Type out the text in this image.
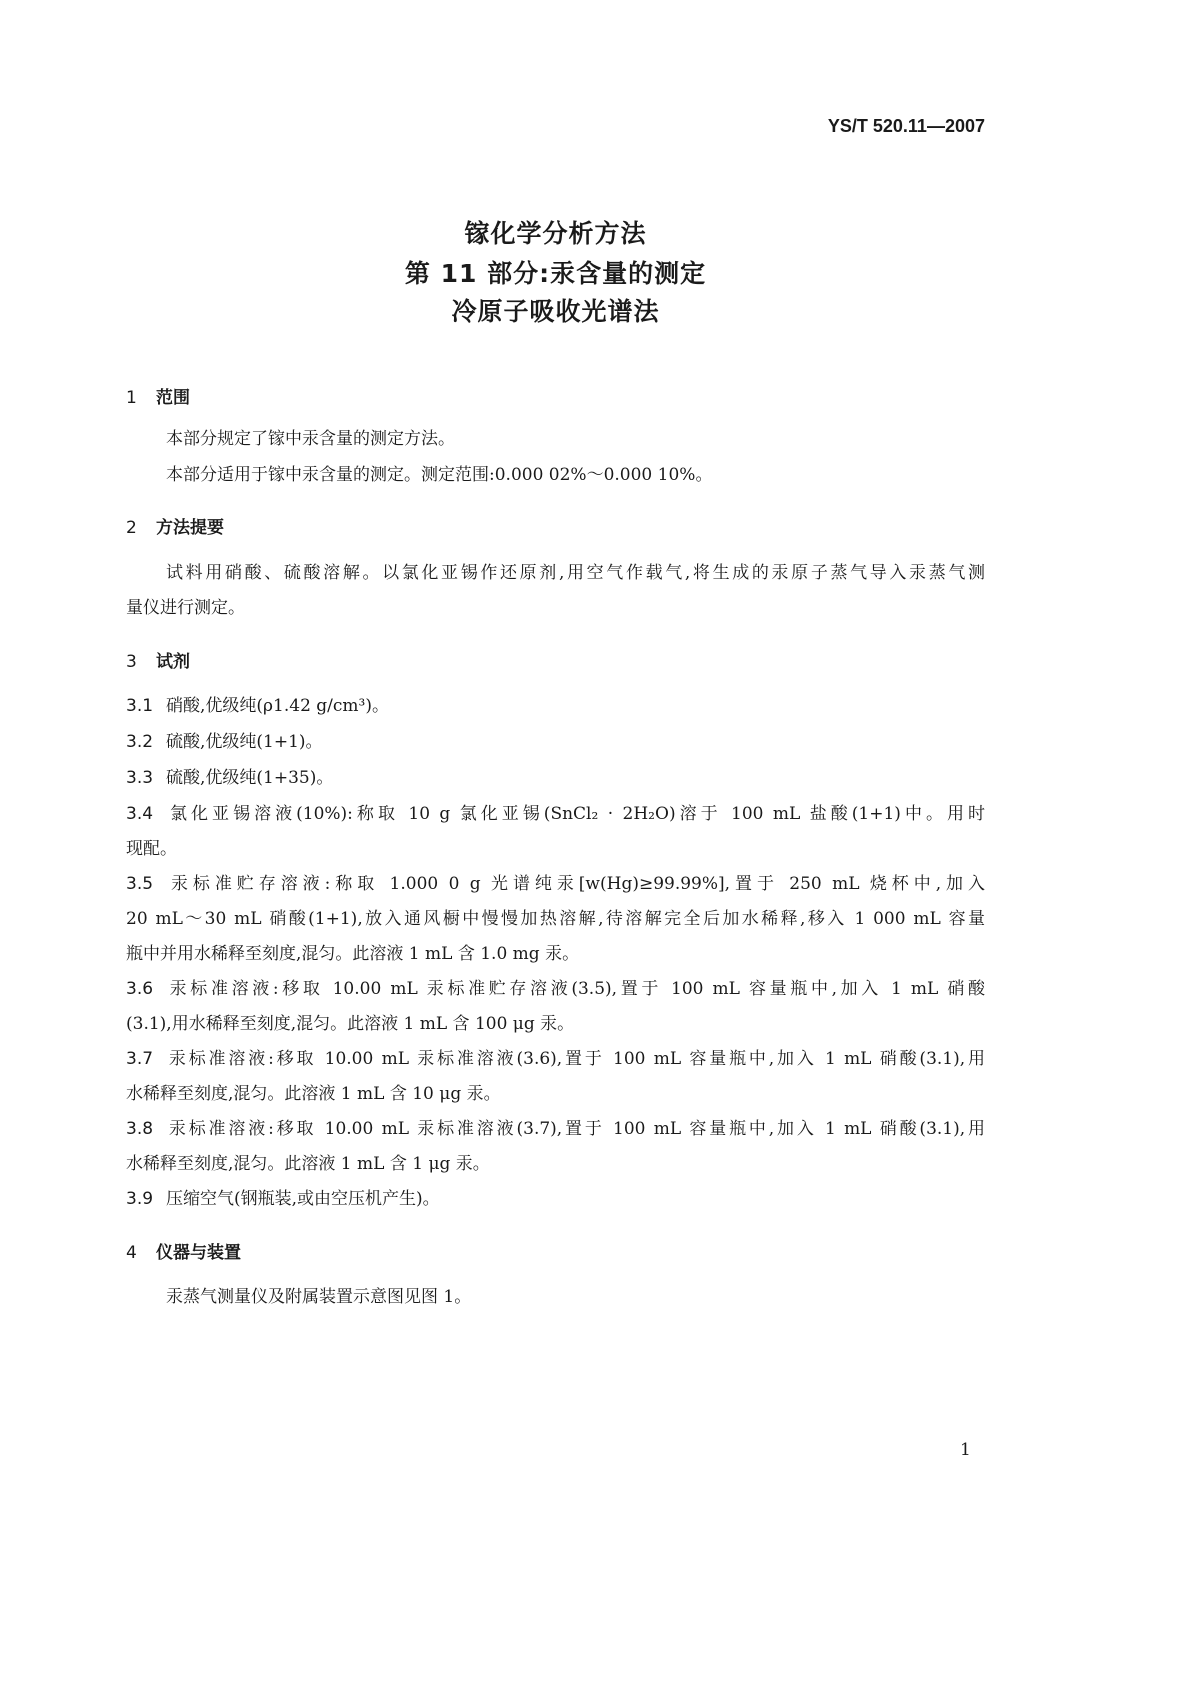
YS/T 520.11—2007
镓化学分析方法
第 11 部分:汞含量的测定
冷原子吸收光谱法
1 范围
本部分规定了镓中汞含量的测定方法。
本部分适用于镓中汞含量的测定。测定范围:0.000 02%～0.000 10%。
2 方法提要
试料用硝酸、硫酸溶解。以氯化亚锡作还原剂,用空气作载气,将生成的汞原子蒸气导入汞蒸气测
量仪进行测定。
3 试剂
3.1 硝酸,优级纯(ρ1.42 g/cm³)。
3.2 硫酸,优级纯(1+1)。
3.3 硫酸,优级纯(1+35)。
3.4 氯化亚锡溶液(10%):称取 10 g 氯化亚锡(SnCl₂ · 2H₂O)溶于 100 mL 盐酸(1+1)中。用时
现配。
3.5 汞标准贮存溶液:称取 1.000 0 g 光谱纯汞[w(Hg)≥99.99%],置于 250 mL 烧杯中,加入
20 mL～30 mL 硝酸(1+1),放入通风橱中慢慢加热溶解,待溶解完全后加水稀释,移入 1 000 mL 容量
瓶中并用水稀释至刻度,混匀。此溶液 1 mL 含 1.0 mg 汞。
3.6 汞标准溶液:移取 10.00 mL 汞标准贮存溶液(3.5),置于 100 mL 容量瓶中,加入 1 mL 硝酸
(3.1),用水稀释至刻度,混匀。此溶液 1 mL 含 100 μg 汞。
3.7 汞标准溶液:移取 10.00 mL 汞标准溶液(3.6),置于 100 mL 容量瓶中,加入 1 mL 硝酸(3.1),用
水稀释至刻度,混匀。此溶液 1 mL 含 10 μg 汞。
3.8 汞标准溶液:移取 10.00 mL 汞标准溶液(3.7),置于 100 mL 容量瓶中,加入 1 mL 硝酸(3.1),用
水稀释至刻度,混匀。此溶液 1 mL 含 1 μg 汞。
3.9 压缩空气(钢瓶装,或由空压机产生)。
4 仪器与装置
汞蒸气测量仪及附属装置示意图见图 1。
1
